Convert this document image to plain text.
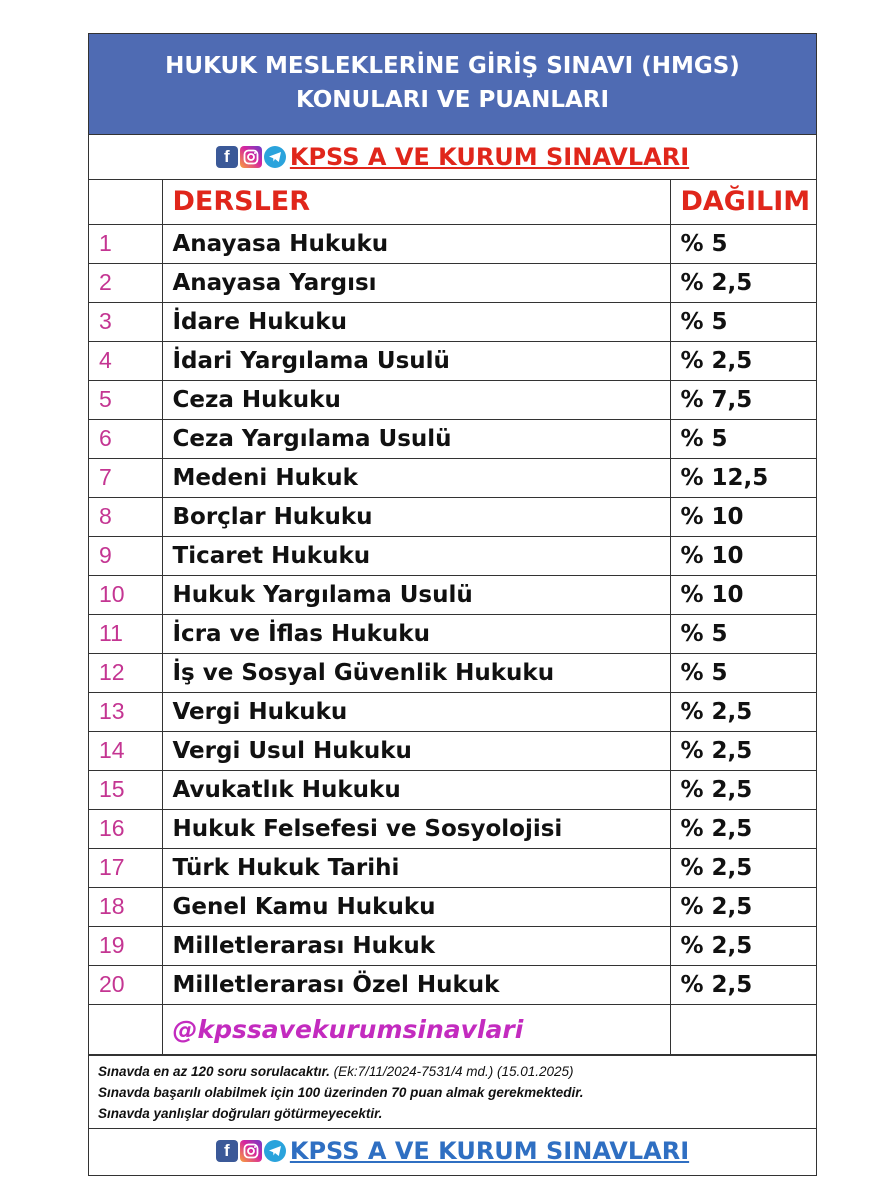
HUKUK MESLEKLERİNE GİRİŞ SINAVI (HMGS)
KONULARI VE PUANLARI
f	KPSS A VE KURUM SINAVLARI
	DERSLER	DAĞILIM
1	Anayasa Hukuku	% 5
2	Anayasa Yargısı	% 2,5
3	İdare Hukuku	% 5
4	İdari Yargılama Usulü	% 2,5
5	Ceza Hukuku	% 7,5
6	Ceza Yargılama Usulü	% 5
7	Medeni Hukuk	% 12,5
8	Borçlar Hukuku	% 10
9	Ticaret Hukuku	% 10
10	Hukuk Yargılama Usulü	% 10
11	İcra ve İflas Hukuku	% 5
12	İş ve Sosyal Güvenlik Hukuku	% 5
13	Vergi Hukuku	% 2,5
14	Vergi Usul Hukuku	% 2,5
15	Avukatlık Hukuku	% 2,5
16	Hukuk Felsefesi ve Sosyolojisi	% 2,5
17	Türk Hukuk Tarihi	% 2,5
18	Genel Kamu Hukuku	% 2,5
19	Milletlerarası Hukuk	% 2,5
20	Milletlerarası Özel Hukuk	% 2,5
	@kpssavekurumsinavlari	
Sınavda en az 120 soru sorulacaktır. (Ek:7/11/2024-7531/4 md.) (15.01.2025)
Sınavda başarılı olabilmek için 100 üzerinden 70 puan almak gerekmektedir.
Sınavda yanlışlar doğruları götürmeyecektir.
f	KPSS A VE KURUM SINAVLARI
